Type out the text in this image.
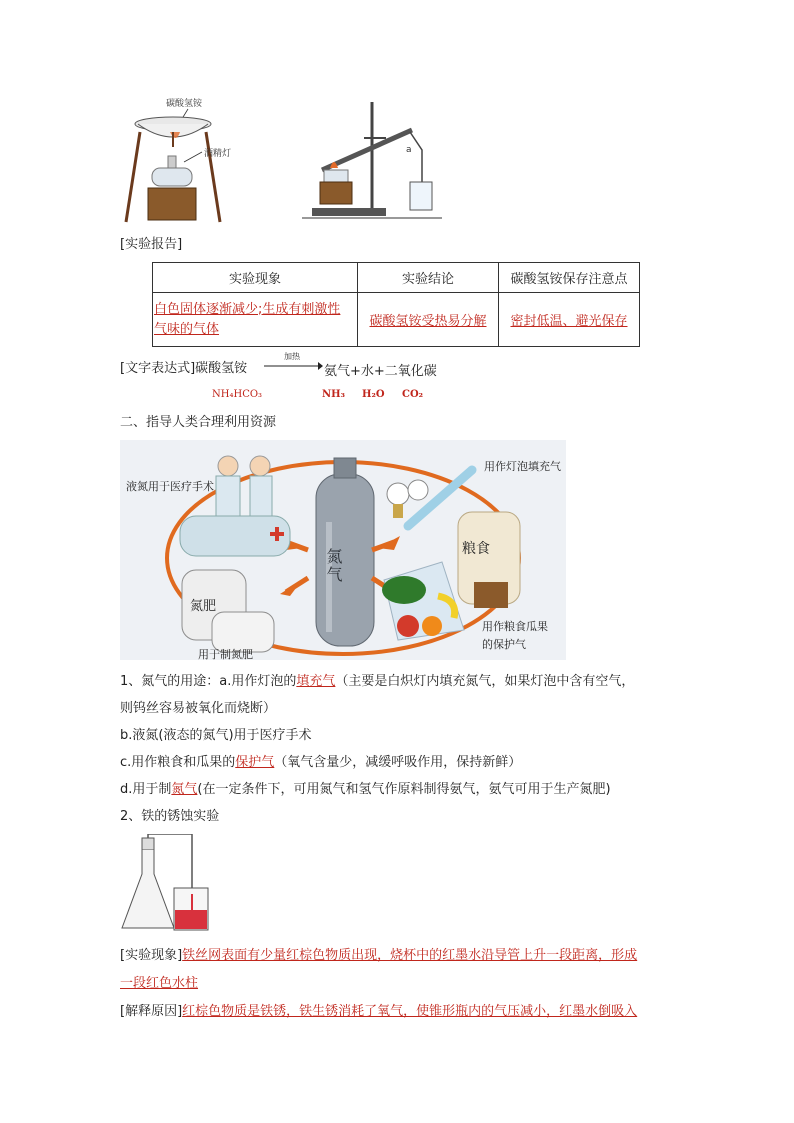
碳酸氢铵
酒精灯	a
[实验报告]
实验现象	实验结论	碳酸氢铵保存注意点
白色固体逐渐减少;生成有刺激性
气味的气体	碳酸氢铵受热易分解	密封低温、避光保存
[文字表达式]碳酸氢铵
加热
氨气+水+二氧化碳
NH₄HCO₃	NH₃ H₂O CO₂
二、指导人类合理利用资源
氮气
液氮用于医疗手术
用作灯泡填充气
粮食
氮肥
用于制氮肥
用作粮食瓜果
的保护气
1、氮气的用途：a.用作灯泡的填充气（主要是白炽灯内填充氮气，如果灯泡中含有空气，
则钨丝容易被氧化而烧断）
b.液氮(液态的氮气)用于医疗手术
c.用作粮食和瓜果的保护气（氧气含量少，减缓呼吸作用，保持新鲜）
d.用于制氮气(在一定条件下，可用氮气和氢气作原料制得氨气，氨气可用于生产氮肥)
2、铁的锈蚀实验
[实验现象]铁丝网表面有少量红棕色物质出现，烧杯中的红墨水沿导管上升一段距离，形成
一段红色水柱
[解释原因]红棕色物质是铁锈，铁生锈消耗了氧气，使锥形瓶内的气压减小，红墨水倒吸入
